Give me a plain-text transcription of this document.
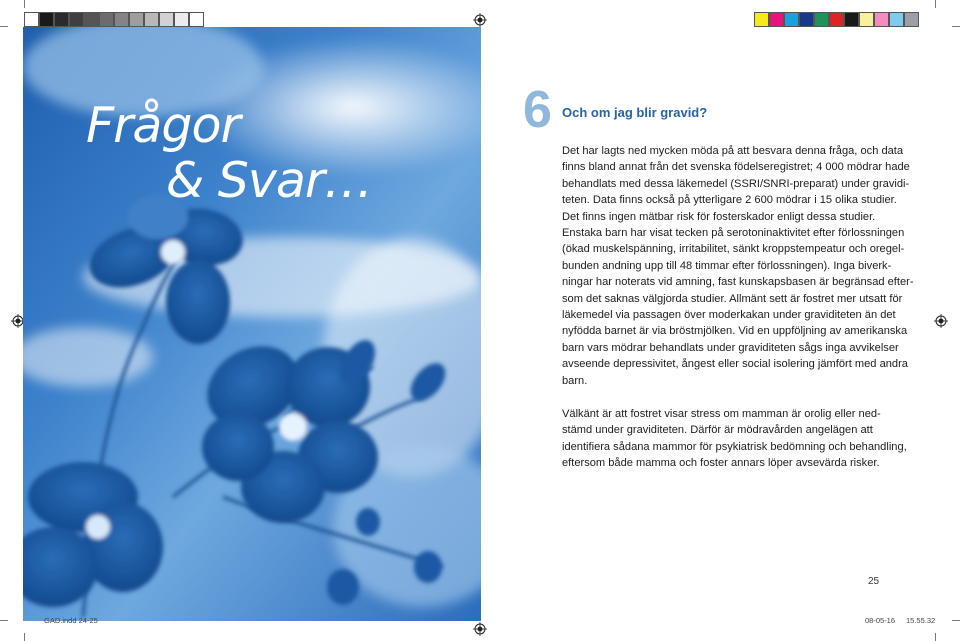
Frågor
& Svar…
6 Och om jag blir gravid?
Det har lagts ned mycken möda på att besvara denna fråga, och data
finns bland annat från det svenska födelseregistret; 4 000 mödrar hade
behandlats med dessa läkemedel (SSRI/SNRI-preparat) under gravidi-
teten. Data finns också på ytterligare 2 600 mödrar i 15 olika studier.
Det finns ingen mätbar risk för fosterskador enligt dessa studier.
Enstaka barn har visat tecken på serotoninaktivitet efter förlossningen
(ökad muskelspänning, irritabilitet, sänkt kroppstempeatur och oregel-
bunden andning upp till 48 timmar efter förlossningen). Inga biverk-
ningar har noterats vid amning, fast kunskapsbasen är begränsad efter-
som det saknas välgjorda studier. Allmänt sett är fostret mer utsatt för
läkemedel via passagen över moderkakan under graviditeten än det
nyfödda barnet är via bröstmjölken. Vid en uppföljning av amerikanska
barn vars mödrar behandlats under graviditeten sågs inga avvikelser
avseende depressivitet, ångest eller social isolering jämfört med andra
barn.
Välkänt är att fostret visar stress om mamman är orolig eller ned-
stämd under graviditeten. Därför är mödravården angelägen att
identifiera sådana mammor för psykiatrisk bedömning och behandling,
eftersom både mamma och foster annars löper avsevärda risker.
25
GAD.indd 24-25	08-05-16 15.55.32
